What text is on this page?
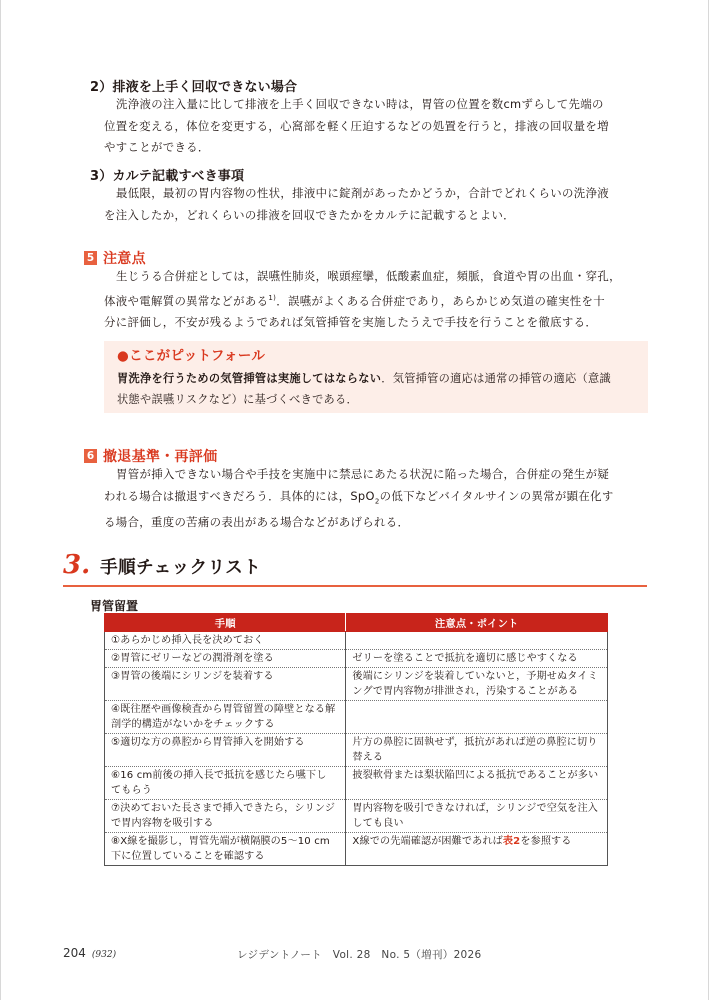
2）排液を上手く回収できない場合
洗浄液の注入量に比して排液を上手く回収できない時は，胃管の位置を数cmずらして先端の
位置を変える，体位を変更する，心窩部を軽く圧迫するなどの処置を行うと，排液の回収量を増
やすことができる．
3）カルテ記載すべき事項
最低限，最初の胃内容物の性状，排液中に錠剤があったかどうか，合計でどれくらいの洗浄液
を注入したか，どれくらいの排液を回収できたかをカルテに記載するとよい．
5 注意点
生じうる合併症としては，誤嚥性肺炎，喉頭痙攣，低酸素血症，頻脈，食道や胃の出血・穿孔，
体液や電解質の異常などがある$^{1)}$．誤嚥がよくある合併症であり，あらかじめ気道の確実性を十
分に評価し，不安が残るようであれば気管挿管を実施したうえで手技を行うことを徹底する．
●ここがピットフォール
胃洗浄を行うための気管挿管は実施してはならない．気管挿管の適応は通常の挿管の適応（意識
状態や誤嚥リスクなど）に基づくべきである．
6 撤退基準・再評価
胃管が挿入できない場合や手技を実施中に禁忌にあたる状況に陥った場合，合併症の発生が疑
われる場合は撤退すべきだろう．具体的には，SpO$_2$の低下などバイタルサインの異常が顕在化す
る場合，重度の苦痛の表出がある場合などがあげられる．
3. 手順チェックリスト
胃管留置
手順	注意点・ポイント

①あらかじめ挿入長を決めておく	

②胃管にゼリーなどの潤滑剤を塗る	ゼリーを塗ることで抵抗を適切に感じやすくなる

③胃管の後端にシリンジを装着する	後端にシリンジを装着していないと，予期せぬタイミ
ングで胃内容物が排泄され，汚染することがある

④既往歴や画像検査から胃管留置の障壁となる解
剖学的構造がないかをチェックする	

⑤適切な方の鼻腔から胃管挿入を開始する	片方の鼻腔に固執せず，抵抗があれば逆の鼻腔に切り
替える

⑥16 cm前後の挿入長で抵抗を感じたら嚥下し
てもらう	披裂軟骨または梨状陥凹による抵抗であることが多い

⑦決めておいた長さまで挿入できたら，シリンジ
で胃内容物を吸引する	胃内容物を吸引できなければ，シリンジで空気を注入
しても良い

⑧X線を撮影し，胃管先端が横隔膜の5～10 cm
下に位置していることを確認する	X線での先端確認が困難であれば表2を参照する
204 (932)	レジデントノート　Vol. 28　No. 5（増刊）2026
